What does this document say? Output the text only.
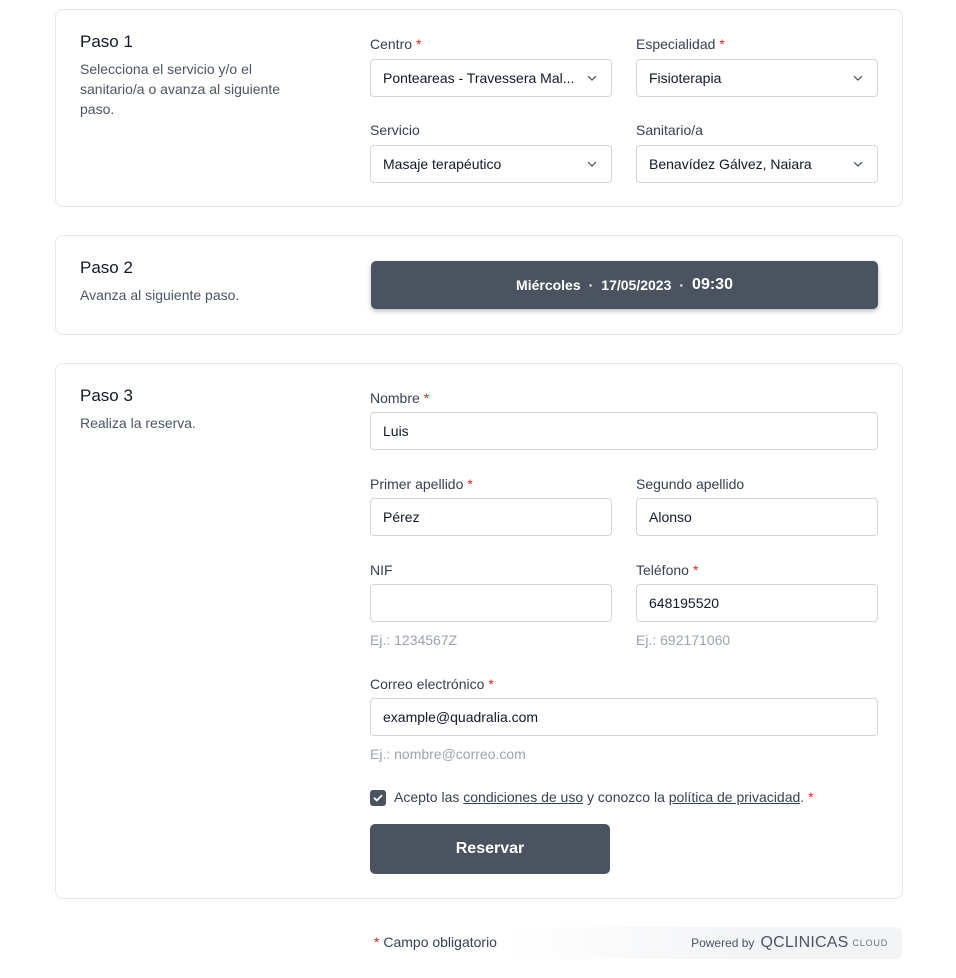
Paso 1
Selecciona el servicio y/o el sanitario/a o avanza al siguiente paso.
Centro *
Ponteareas - Travessera Mal...
Especialidad *
Fisioterapia
Servicio
Masaje terapéutico
Sanitario/a
Benavídez Gálvez, Naiara
Paso 2
Avanza al siguiente paso.
Miércoles · 17/05/2023 · 09:30
Paso 3
Realiza la reserva.
Nombre *
Luis
Primer apellido *
Pérez
Segundo apellido
Alonso
NIF
Ej.: 1234567Z
Teléfono *
648195520
Ej.: 692171060
Correo electrónico *
example@quadralia.com
Ej.: nombre@correo.com
Acepto las condiciones de uso y conozco la política de privacidad. *
Reservar
* Campo obligatorio	Powered by QCLINICAS CLOUD
